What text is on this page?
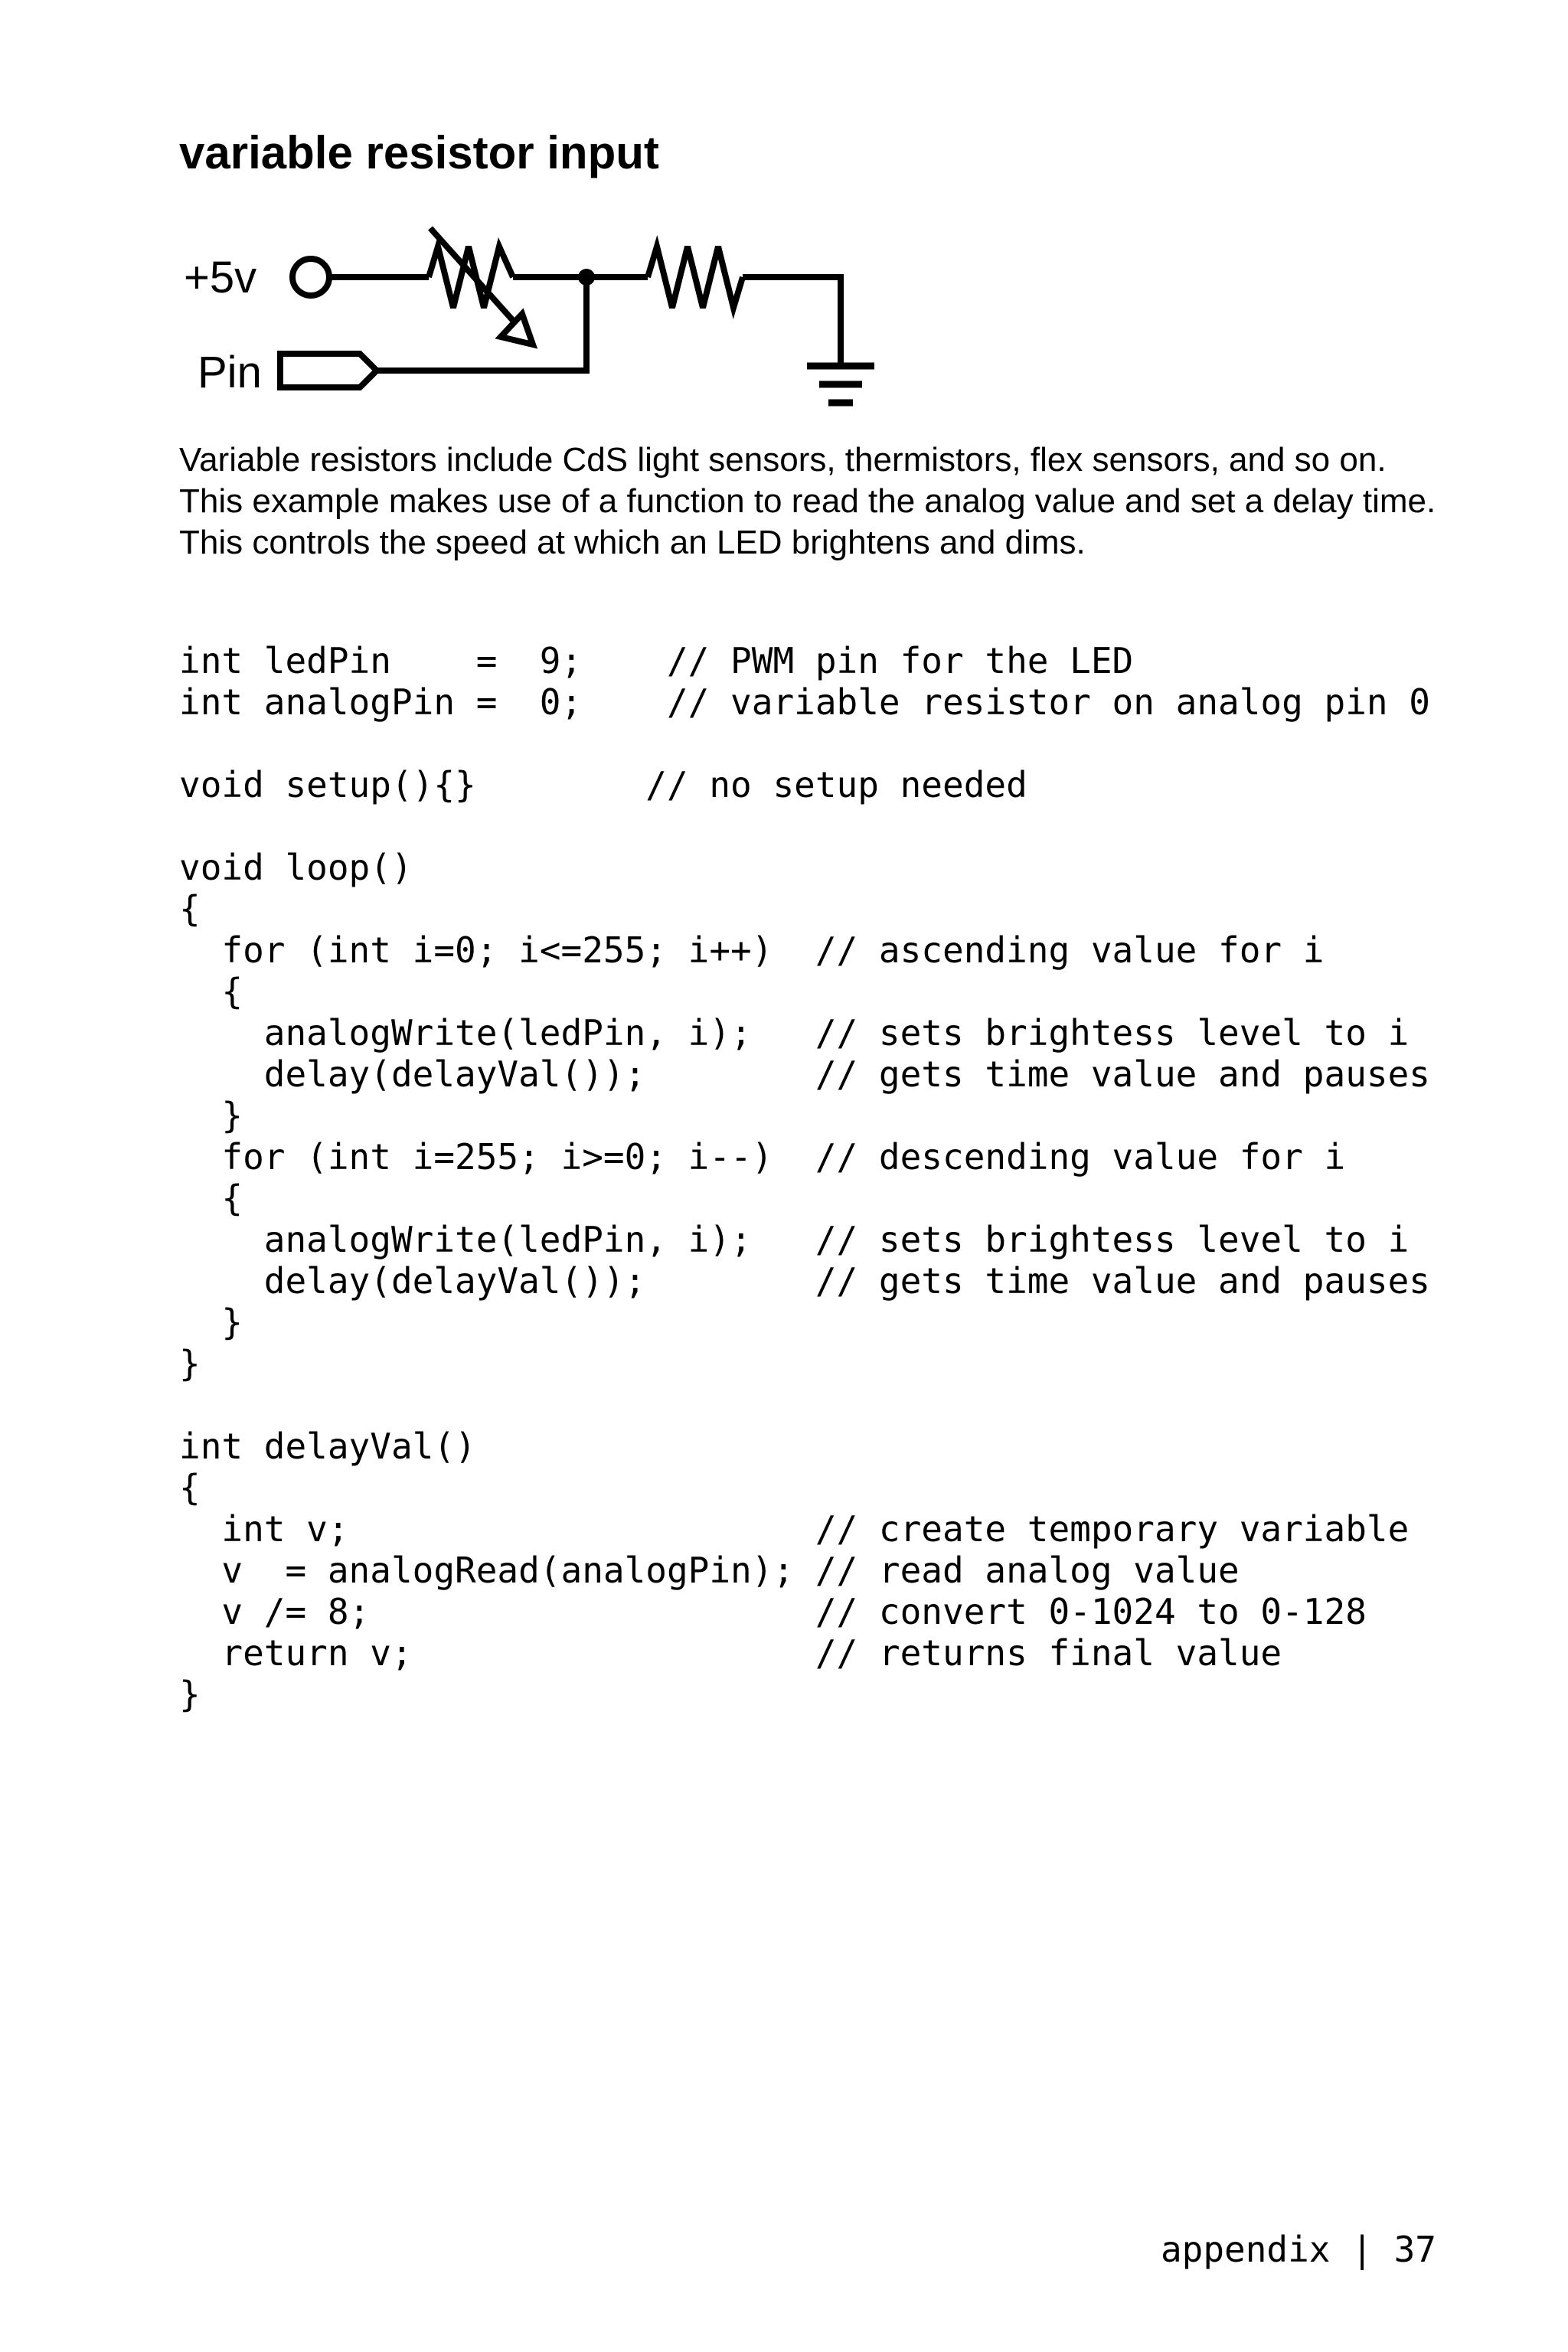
variable resistor input
+5v
Pin

Variable resistors include CdS light sensors, thermistors, flex sensors, and so on. This example makes use of a function to read the analog value and set a delay time. This controls the speed at which an LED brightens and dims.

int ledPin    =  9;    // PWM pin for the LED
int analogPin =  0;    // variable resistor on analog pin 0
void setup(){}        // no setup needed
void loop()
{
for (int i=0; i<=255; i++)  // ascending value for i
{
analogWrite(ledPin, i);   // sets brightess level to i
delay(delayVal());        // gets time value and pauses
}
for (int i=255; i>=0; i--)  // descending value for i
{
analogWrite(ledPin, i);   // sets brightess level to i
delay(delayVal());        // gets time value and pauses
}
}
int delayVal()
{
int v;                      // create temporary variable
v  = analogRead(analogPin); // read analog value
v /= 8;                     // convert 0-1024 to 0-128
return v;                   // returns final value
}
appendix | 37
